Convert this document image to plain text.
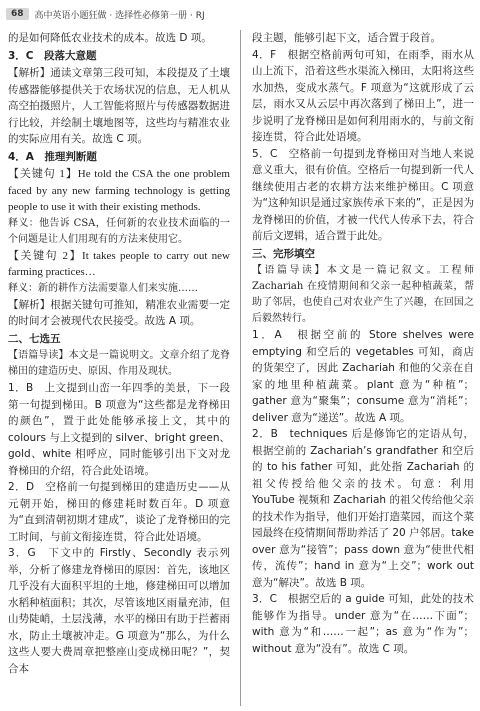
68	高中英语小题狂做 · 选择性必修第一册 · RJ

的是如何降低农业技术的成本。故选 D 项。

3．C　段落大意题

【解析】通读文章第三段可知，本段提及了土壤传感器能够提供关于农场状况的信息，无人机从高空拍摄照片，人工智能将照片与传感器数据进行比较，并绘制土壤地图等，这些均与精准农业的实际应用有关。故选 C 项。

4．A　推理判断题

【关键句 1】He told the CSA the one problem faced by any new farming technology is getting people to use it with their existing methods.

释义：他告诉 CSA，任何新的农业技术面临的一个问题是让人们用现有的方法来使用它。

【关键句 2】It takes people to carry out new farming practices…

释义：新的耕作方法需要靠人们来实施……

【解析】根据关键句可推知，精准农业需要一定的时间才会被现代农民接受。故选 A 项。

二、七选五

【语篇导读】本文是一篇说明文。文章介绍了龙脊梯田的建造历史、原因、作用及现状。

1．B　上文提到山峦一年四季的美景，下一段第一句提到梯田。B 项意为“这些都是龙脊梯田的颜色”，置于此处能够承接上文，其中的 colours 与上文提到的 silver、bright green、gold、white 相呼应，同时能够引出下文对龙脊梯田的介绍，符合此处语境。

2．D　空格前一句提到梯田的建造历史——从元朝开始，梯田的修建耗时数百年。D 项意为“直到清朝初期才建成”，谈论了龙脊梯田的完工时间，与前文衔接连贯，符合此处语境。

3．G　下文中的 Firstly、Secondly 表示列举，分析了修建龙脊梯田的原因：首先，该地区几乎没有大面积平坦的土地，修建梯田可以增加水稻种植面积；其次，尽管该地区雨量充沛，但山势陡峭，土层浅薄，水平的梯田有助于拦蓄雨水，防止土壤被冲走。G 项意为“那么，为什么这些人要大费周章把整座山变成梯田呢？”，契合本

段主题，能够引起下文，适合置于段首。

4．F　根据空格前两句可知，在雨季，雨水从山上流下，沿着这些水渠流入梯田，太阳将这些水加热，变成水蒸气。F 项意为“这就形成了云层，雨水又从云层中再次落到了梯田上”，进一步说明了龙脊梯田是如何利用雨水的，与前文衔接连贯，符合此处语境。

5．C　空格前一句提到龙脊梯田对当地人来说意义重大，很有价值。空格后一句提到新一代人继续使用古老的农耕方法来维护梯田。C 项意为“这种知识是通过家族传承下来的”，正是因为龙脊梯田的价值，才被一代代人传承下去，符合前后文逻辑，适合置于此处。

三、完形填空

【语篇导读】本文是一篇记叙文。工程师 Zachariah 在疫情期间和父亲一起种植蔬菜，帮助了邻居，也使自己对农业产生了兴趣，在回国之后毅然转行。

1．A　根据空前的 Store shelves were emptying 和空后的 vegetables 可知，商店的货架空了，因此 Zachariah 和他的父亲在自家的地里种植蔬菜。plant 意为“种植”；gather 意为“聚集”；consume 意为“消耗”；deliver 意为“递送”。故选 A 项。

2．B　techniques 后是修饰它的定语从句，根据空前的 Zachariah’s grandfather 和空后的 to his father 可知，此处指 Zachariah 的祖父传授给他父亲的技术。句意：利用 YouTube 视频和 Zachariah 的祖父传给他父亲的技术作为指导，他们开始打造菜园，而这个菜园最终在疫情期间帮助养活了 20 户邻居。take over 意为“接管”；pass down 意为“使世代相传，流传”；hand in 意为“上交”；work out 意为“解决”。故选 B 项。

3．C　根据空后的 a guide 可知，此处的技术能够作为指导。under 意为“在……下面”；with 意为“和……一起”；as 意为“作为”；without 意为“没有”。故选 C 项。
